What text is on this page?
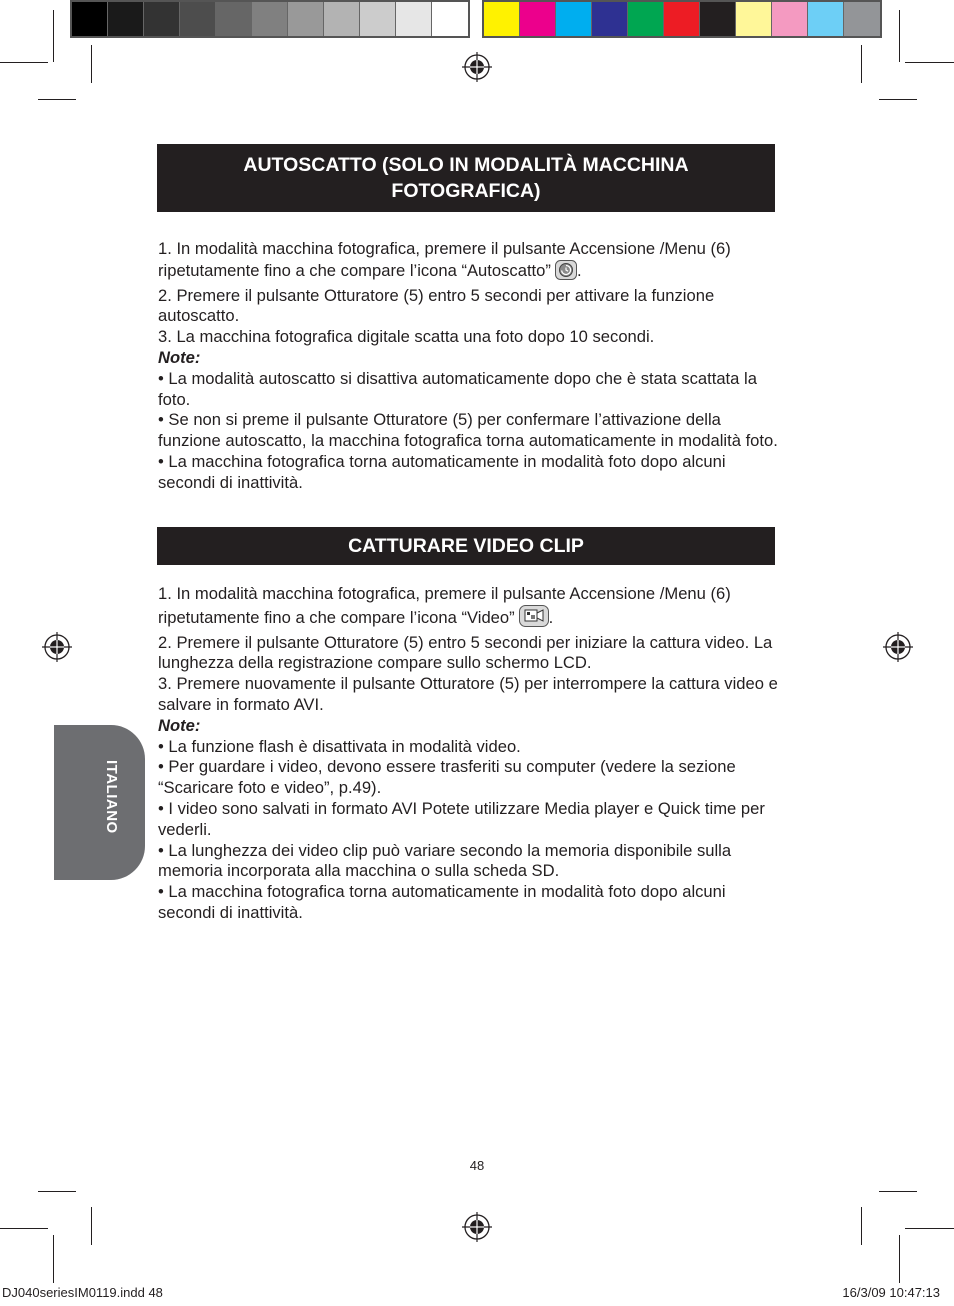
AUTOSCATTO (SOLO IN MODALITÀ MACCHINA FOTOGRAFICA)

1. In modalità macchina fotografica, premere il pulsante Accensione /Menu (6) ripetutamente fino a che compare l’icona “Autoscatto” .

2. Premere il pulsante Otturatore (5) entro 5 secondi per attivare la funzione autoscatto.

3. La macchina fotografica digitale scatta una foto dopo 10 secondi.

Note:

• La modalità autoscatto si disattiva automaticamente dopo che è stata scattata la foto.

• Se non si preme il pulsante Otturatore (5) per confermare l’attivazione della funzione autoscatto, la macchina fotografica torna automaticamente in modalità foto.

• La macchina fotografica torna automaticamente in modalità foto dopo alcuni secondi di inattività.

CATTURARE VIDEO CLIP

1. In modalità macchina fotografica, premere il pulsante Accensione /Menu (6) ripetutamente fino a che compare l’icona “Video” .

2. Premere il pulsante Otturatore (5) entro 5 secondi per iniziare la cattura video. La lunghezza della registrazione compare sullo schermo LCD.

3. Premere nuovamente il pulsante Otturatore (5) per interrompere la cattura video e salvare in formato AVI.

Note:

• La funzione flash è disattivata in modalità video.

• Per guardare i video, devono essere trasferiti su computer (vedere la sezione “Scaricare foto e video”, p.49).

• I video sono salvati in formato AVI Potete utilizzare Media player e Quick time per vederli.

• La lunghezza dei video clip può variare secondo la memoria disponibile sulla memoria incorporata alla macchina o sulla scheda SD.

• La macchina fotografica torna automaticamente in modalità foto dopo alcuni secondi di inattività.

ITALIANO
48
DJ040seriesIM0119.indd 48	16/3/09 10:47:13
